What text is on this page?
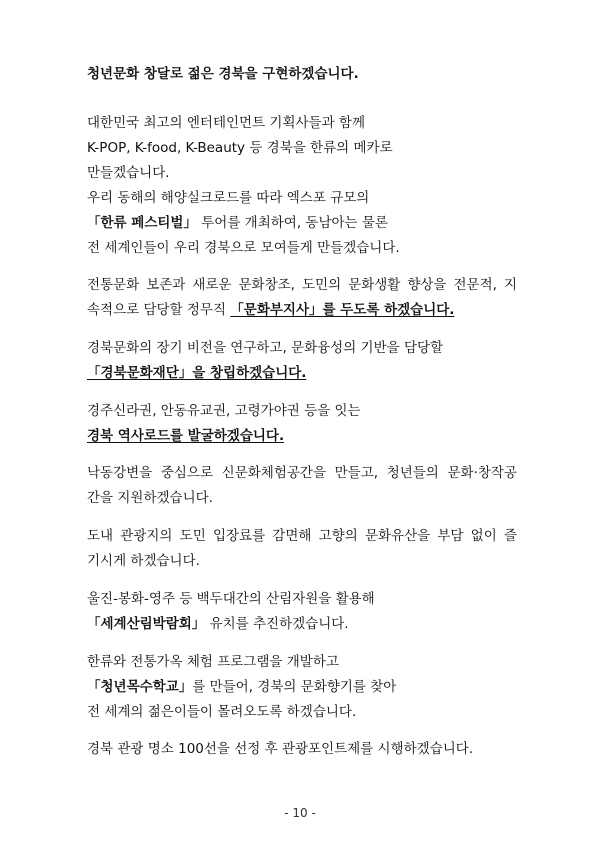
청년문화 창달로 젊은 경북을 구현하겠습니다.

대한민국 최고의 엔터테인먼트 기획사들과 함께
K-POP, K-food, K-Beauty 등 경북을 한류의 메카로
만들겠습니다.

우리 동해의 해양실크로드를 따라 엑스포 규모의
「한류 페스티벌」 투어를 개최하여, 동남아는 물론
전 세계인들이 우리 경북으로 모여들게 만들겠습니다.

전통문화 보존과 새로운 문화창조, 도민의 문화생활 향상을 전문적, 지
속적으로 담당할 정무직 「문화부지사」를 두도록 하겠습니다.

경북문화의 장기 비전을 연구하고, 문화융성의 기반을 담당할
「경북문화재단」을 창립하겠습니다.

경주신라권, 안동유교권, 고령가야권 등을 잇는
경북 역사로드를 발굴하겠습니다.

낙동강변을 중심으로 신문화체험공간을 만들고, 청년들의 문화·창작공
간을 지원하겠습니다.

도내 관광지의 도민 입장료를 감면해 고향의 문화유산을 부담 없이 즐
기시게 하겠습니다.

울진-봉화-영주 등 백두대간의 산림자원을 활용해
「세계산림박람회」 유치를 추진하겠습니다.

한류와 전통가옥 체험 프로그램을 개발하고
「청년목수학교」를 만들어, 경북의 문화향기를 찾아
전 세계의 젊은이들이 몰려오도록 하겠습니다.

경북 관광 명소 100선을 선정 후 관광포인트제를 시행하겠습니다.

- 10 -
